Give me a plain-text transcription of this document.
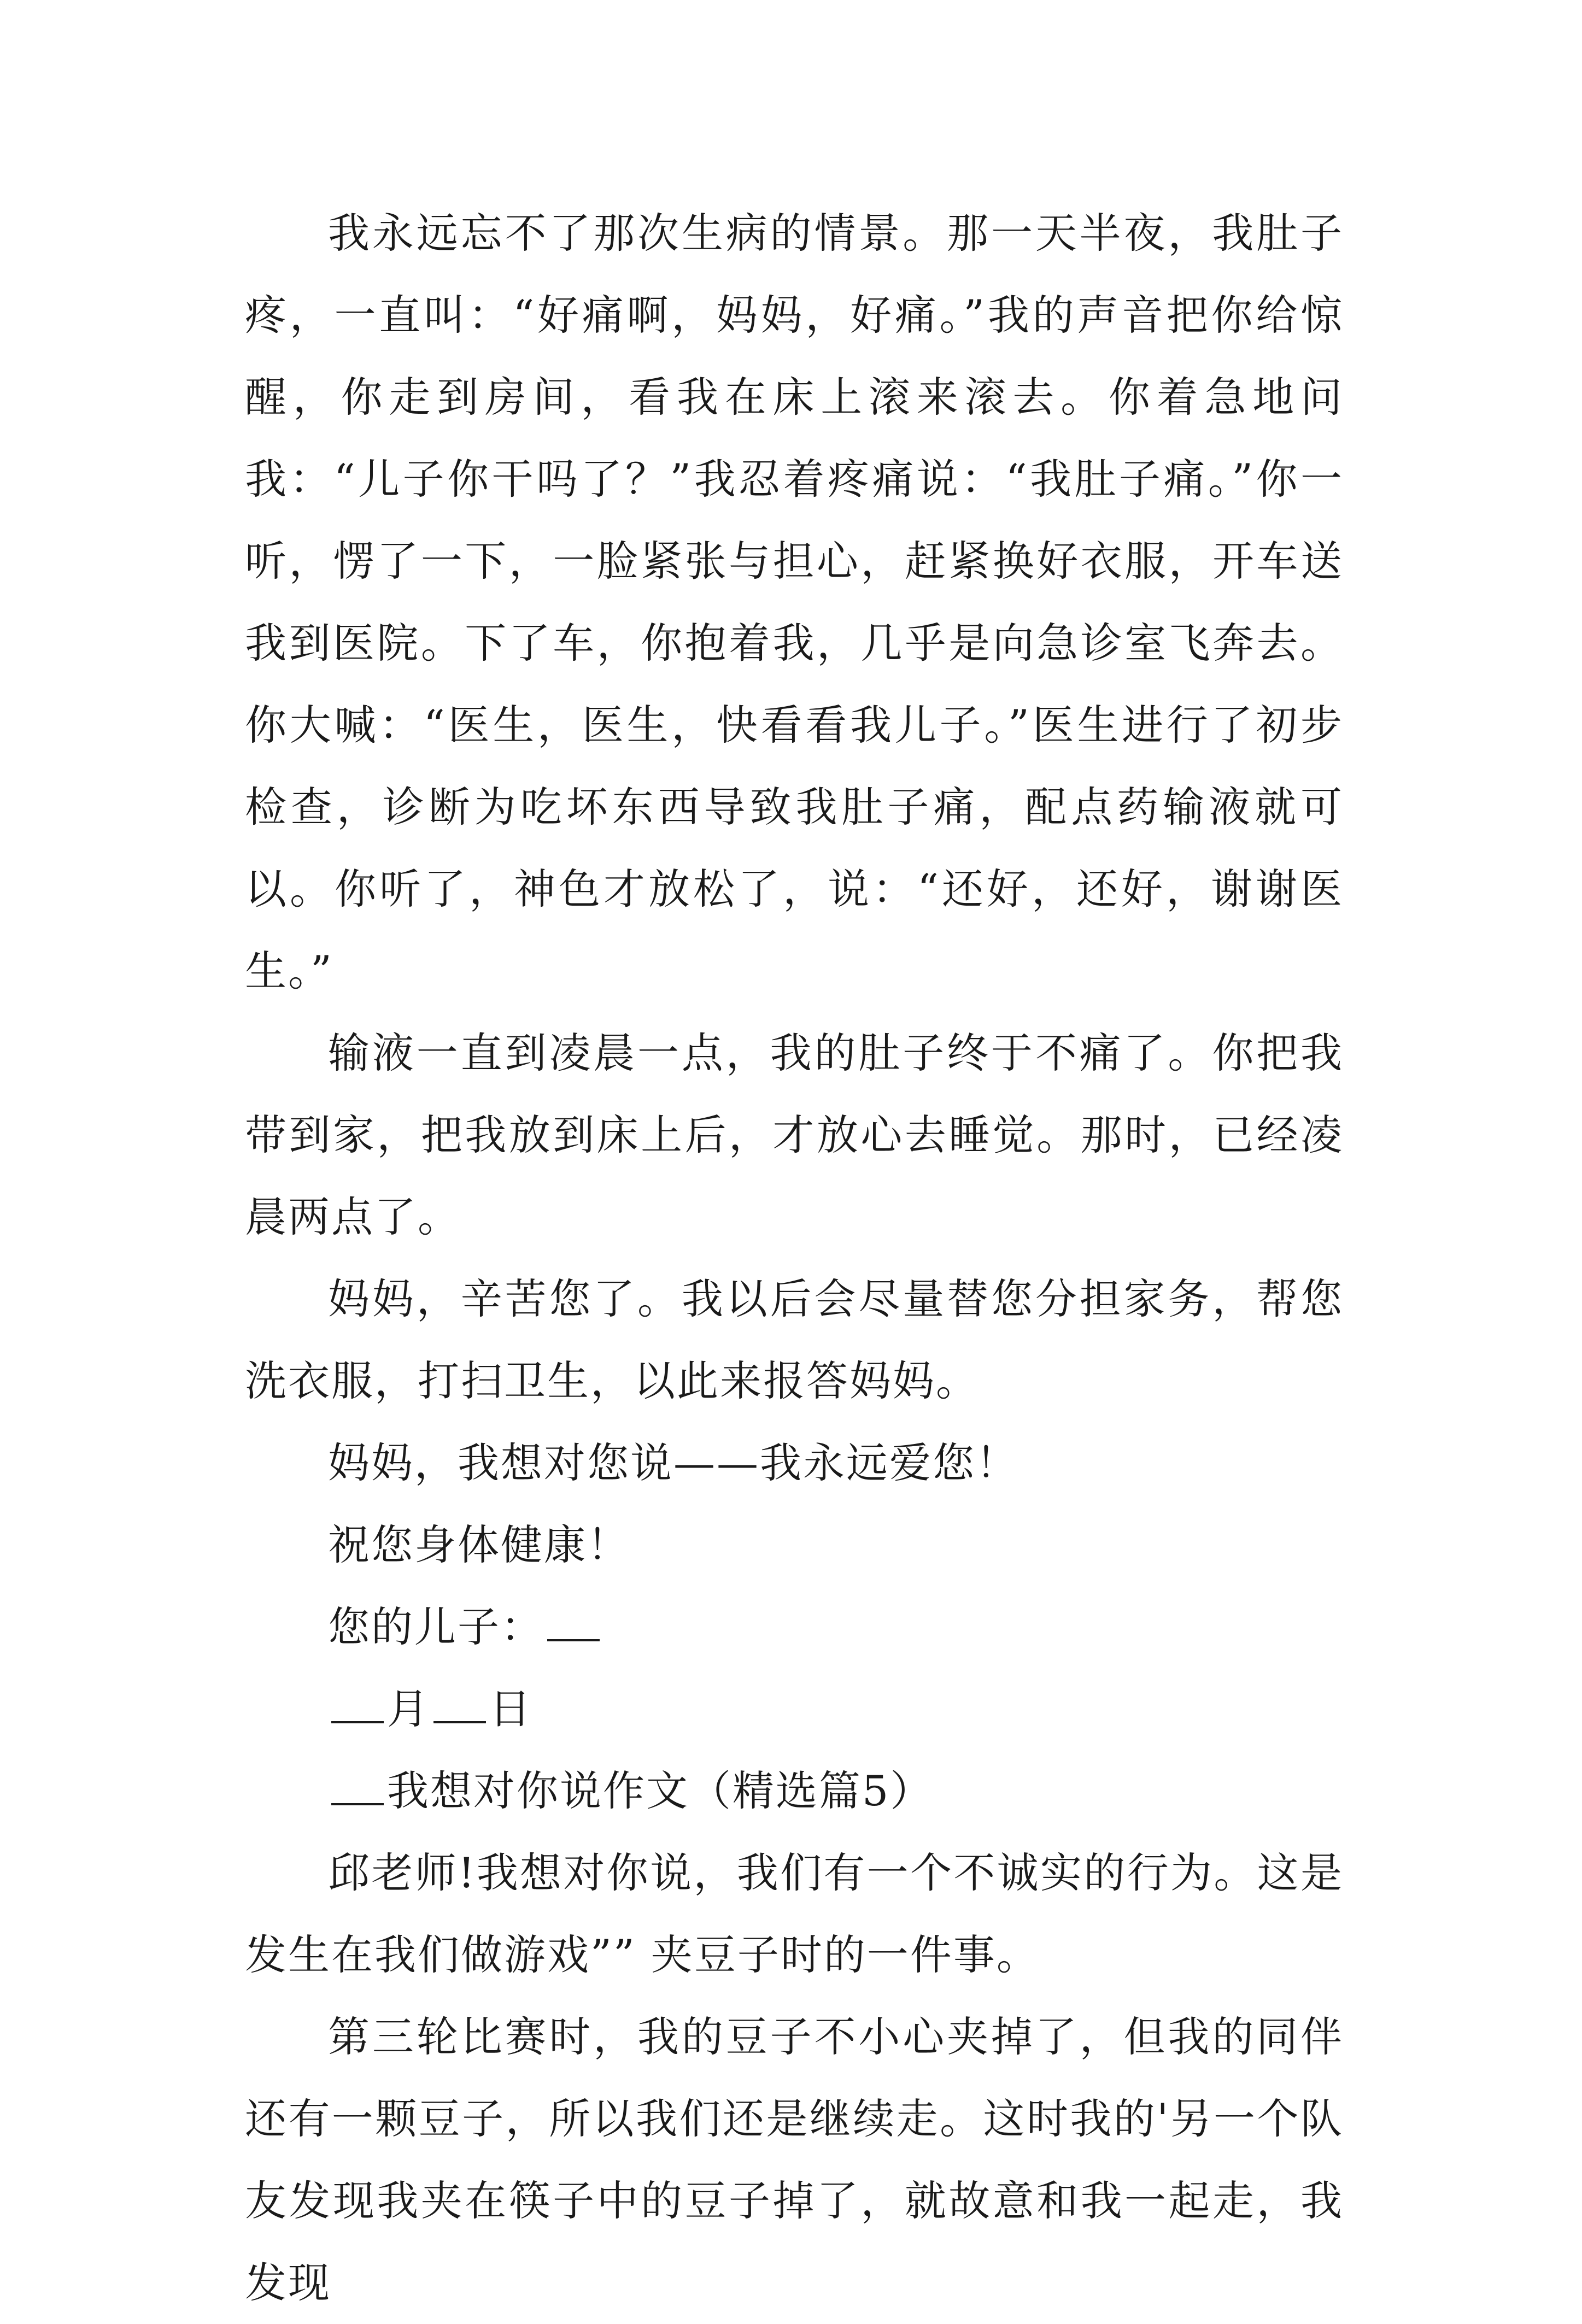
我永远忘不了那次生病的情景。那一天半夜，我肚子疼，一直叫：“好痛啊，妈妈，好痛。”我的声音把你给惊醒，你走到房间，看我在床上滚来滚去。你着急地问我：“儿子你干吗了？”我忍着疼痛说：“我肚子痛。”你一听，愣了一下，一脸紧张与担心，赶紧换好衣服，开车送我到医院。下了车，你抱着我，几乎是向急诊室飞奔去。你大喊：“医生，医生，快看看我儿子。”医生进行了初步检查，诊断为吃坏东西导致我肚子痛，配点药输液就可以。你听了，神色才放松了，说：“还好，还好，谢谢医生。”

输液一直到凌晨一点，我的肚子终于不痛了。你把我带到家，把我放到床上后，才放心去睡觉。那时，已经凌晨两点了。

妈妈，辛苦您了。我以后会尽量替您分担家务，帮您洗衣服，打扫卫生，以此来报答妈妈。

妈妈，我想对您说——我永远爱您！

祝您身体健康！

您的儿子：

月 日

我想对你说作文（精选篇5）

邱老师!我想对你说，我们有一个不诚实的行为。这是发生在我们做游戏”” 夹豆子时的一件事。

第三轮比赛时，我的豆子不小心夹掉了，但我的同伴还有一颗豆子，所以我们还是继续走。这时我的'另一个队友发现我夹在筷子中的豆子掉了，就故意和我一起走，我发现
